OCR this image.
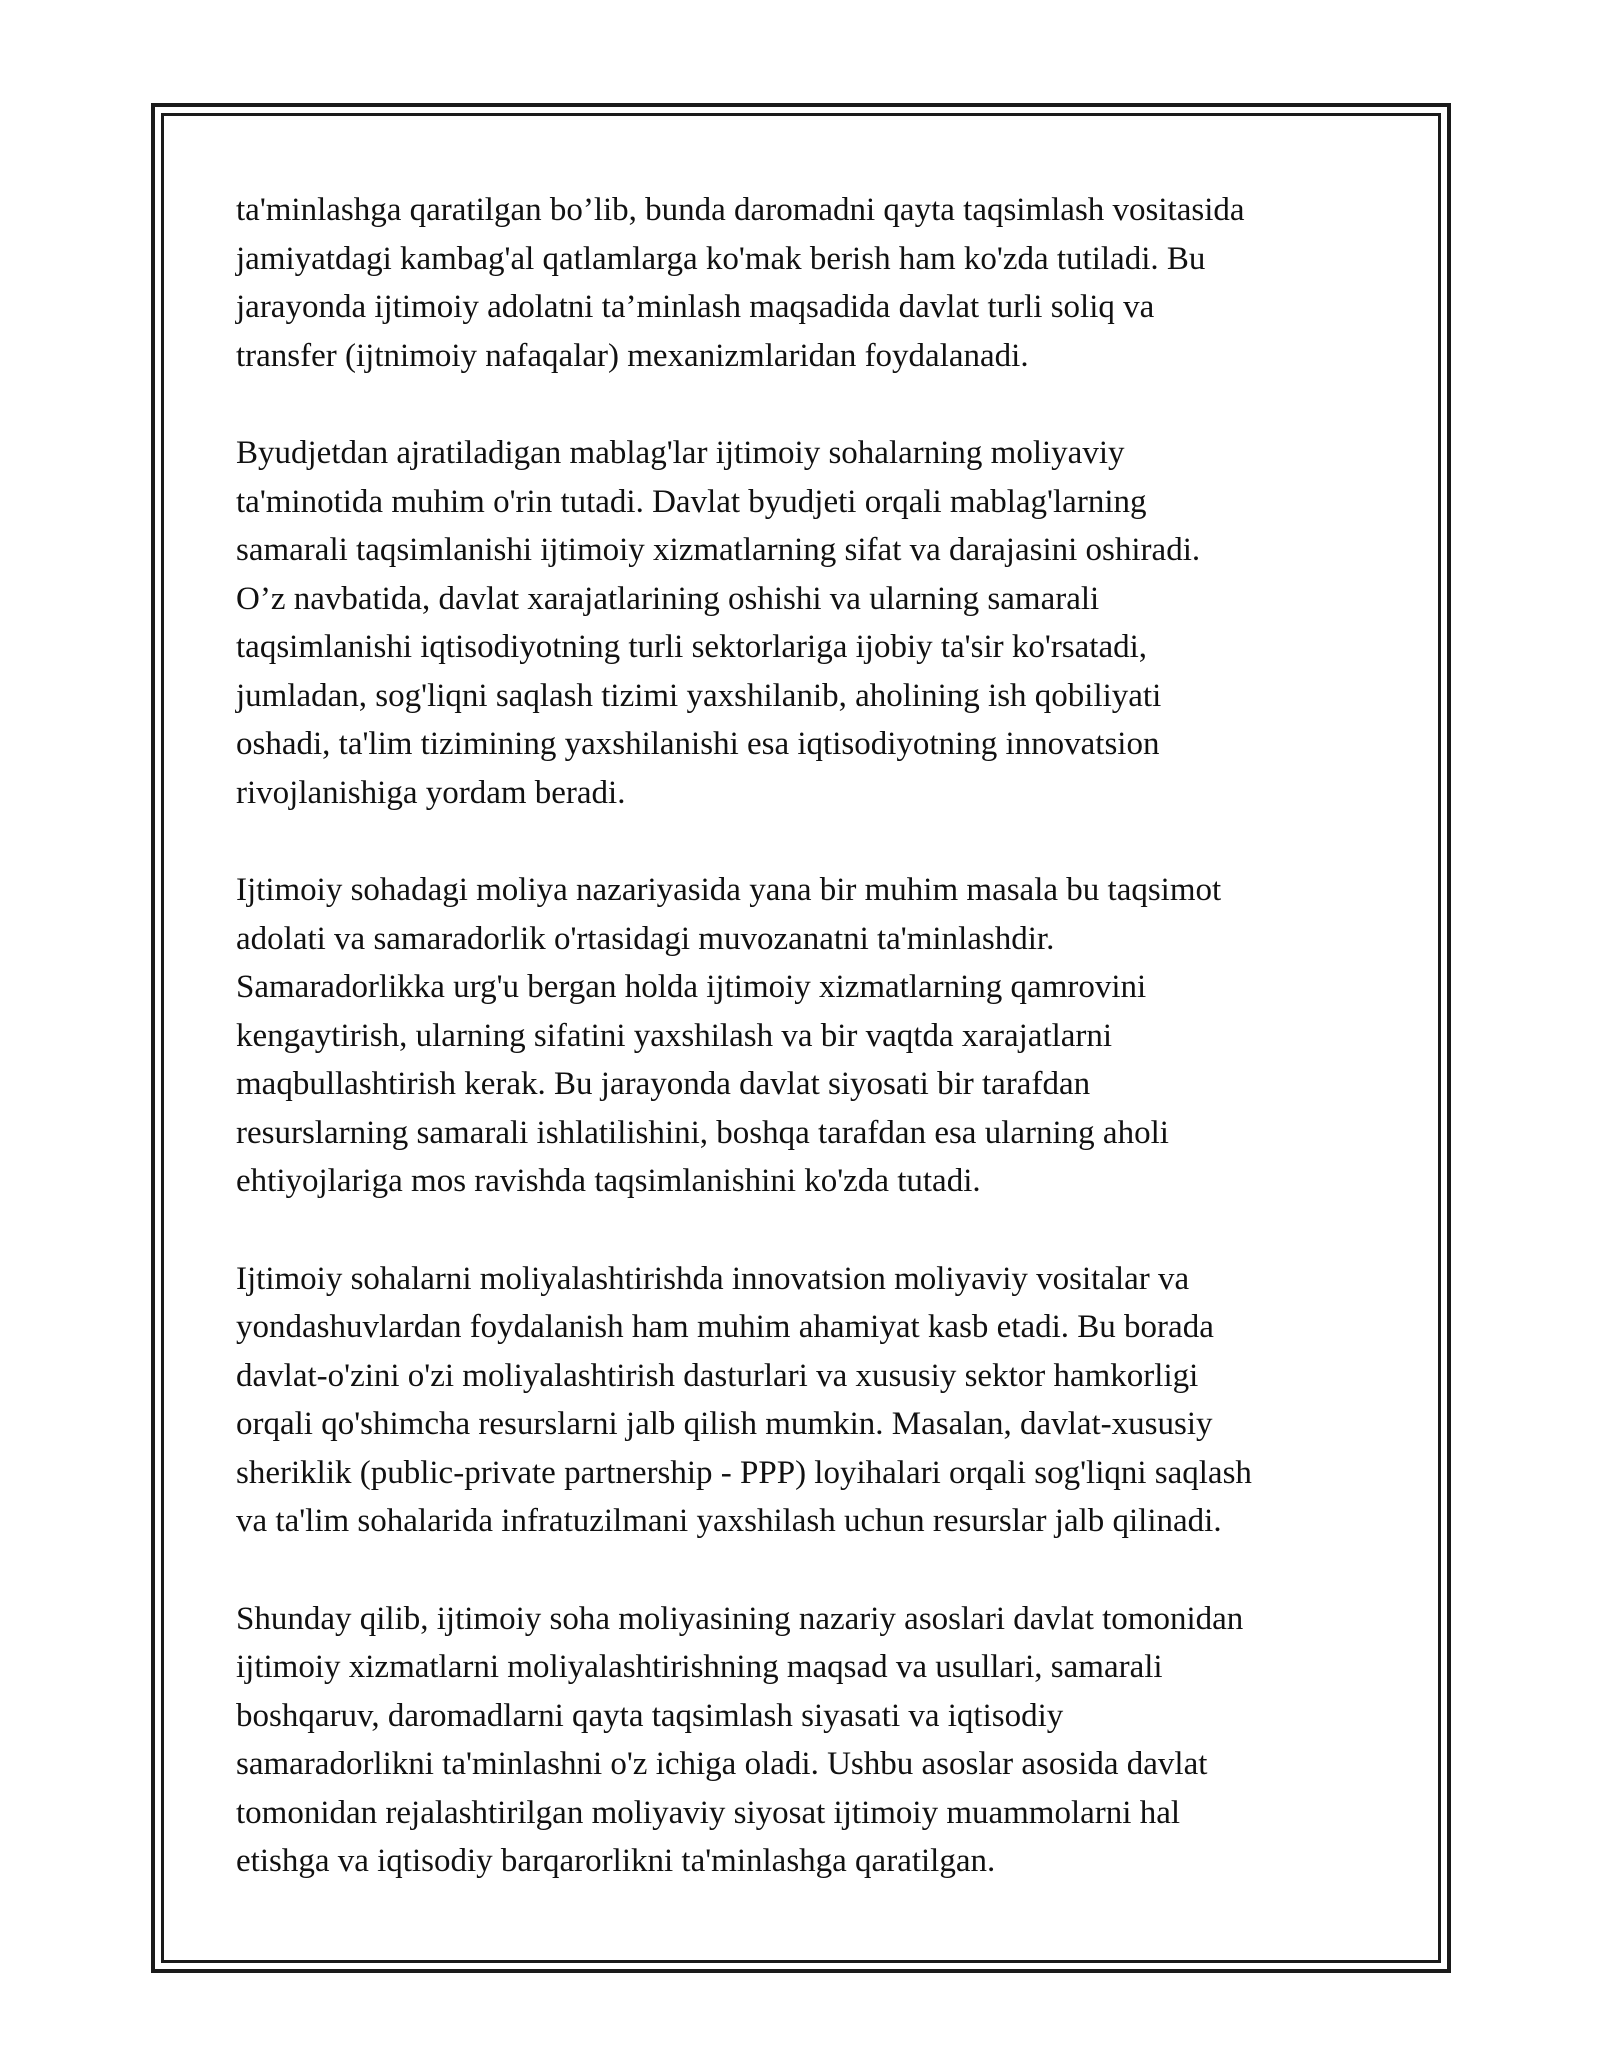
ta'minlashga qaratilgan bo’lib, bunda daromadni qayta taqsimlash vositasida
jamiyatdagi kambag'al qatlamlarga ko'mak berish ham ko'zda tutiladi. Bu
jarayonda ijtimoiy adolatni ta’minlash maqsadida davlat turli soliq va
transfer (ijtnimoiy nafaqalar) mexanizmlaridan foydalanadi.

Byudjetdan ajratiladigan mablag'lar ijtimoiy sohalarning moliyaviy
ta'minotida muhim o'rin tutadi. Davlat byudjeti orqali mablag'larning
samarali taqsimlanishi ijtimoiy xizmatlarning sifat va darajasini oshiradi.
O’z navbatida, davlat xarajatlarining oshishi va ularning samarali
taqsimlanishi iqtisodiyotning turli sektorlariga ijobiy ta'sir ko'rsatadi,
jumladan, sog'liqni saqlash tizimi yaxshilanib, aholining ish qobiliyati
oshadi, ta'lim tizimining yaxshilanishi esa iqtisodiyotning innovatsion
rivojlanishiga yordam beradi.

Ijtimoiy sohadagi moliya nazariyasida yana bir muhim masala bu taqsimot
adolati va samaradorlik o'rtasidagi muvozanatni ta'minlashdir.
Samaradorlikka urg'u bergan holda ijtimoiy xizmatlarning qamrovini
kengaytirish, ularning sifatini yaxshilash va bir vaqtda xarajatlarni
maqbullashtirish kerak. Bu jarayonda davlat siyosati bir tarafdan
resurslarning samarali ishlatilishini, boshqa tarafdan esa ularning aholi
ehtiyojlariga mos ravishda taqsimlanishini ko'zda tutadi.

Ijtimoiy sohalarni moliyalashtirishda innovatsion moliyaviy vositalar va
yondashuvlardan foydalanish ham muhim ahamiyat kasb etadi. Bu borada
davlat-o'zini o'zi moliyalashtirish dasturlari va xususiy sektor hamkorligi
orqali qo'shimcha resurslarni jalb qilish mumkin. Masalan, davlat-xususiy
sheriklik (public-private partnership - PPP) loyihalari orqali sog'liqni saqlash
va ta'lim sohalarida infratuzilmani yaxshilash uchun resurslar jalb qilinadi.

Shunday qilib, ijtimoiy soha moliyasining nazariy asoslari davlat tomonidan
ijtimoiy xizmatlarni moliyalashtirishning maqsad va usullari, samarali
boshqaruv, daromadlarni qayta taqsimlash siyasati va iqtisodiy
samaradorlikni ta'minlashni o'z ichiga oladi. Ushbu asoslar asosida davlat
tomonidan rejalashtirilgan moliyaviy siyosat ijtimoiy muammolarni hal
etishga va iqtisodiy barqarorlikni ta'minlashga qaratilgan.
